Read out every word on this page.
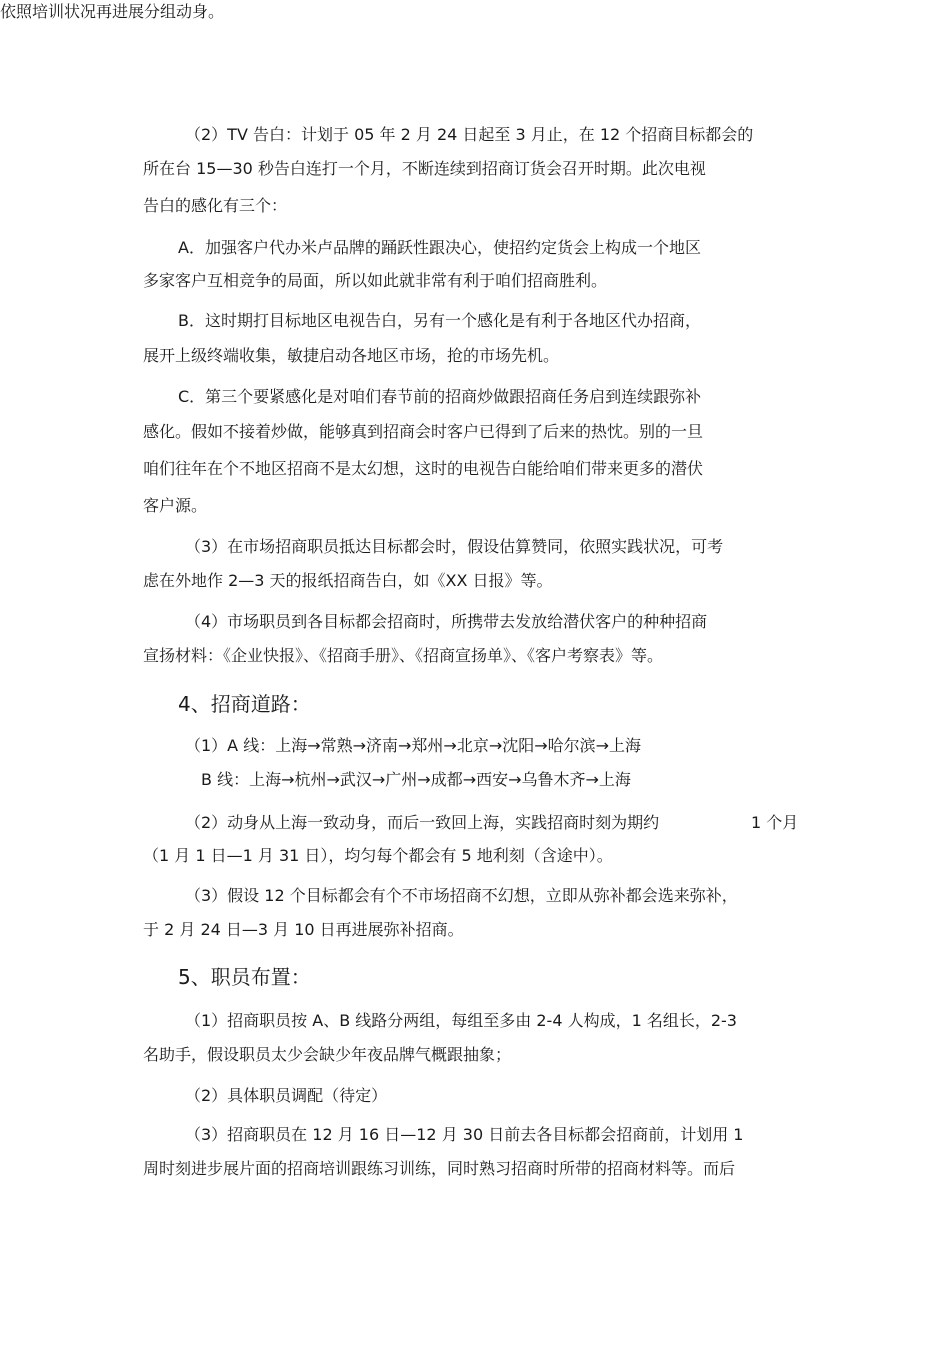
依照培训状况再进展分组动身。

（2）TV 告白：计划于 05 年 2 月 24 日起至 3 月止，在 12 个招商目标都会的

所在台 15—30 秒告白连打一个月，不断连续到招商订货会召开时期。此次电视

告白的感化有三个：

A．加强客户代办米卢品牌的踊跃性跟决心，使招约定货会上构成一个地区

多家客户互相竞争的局面，所以如此就非常有利于咱们招商胜利。

B．这时期打目标地区电视告白，另有一个感化是有利于各地区代办招商，

展开上级终端收集，敏捷启动各地区市场，抢的市场先机。

C．第三个要紧感化是对咱们春节前的招商炒做跟招商任务启到连续跟弥补

感化。假如不接着炒做，能够真到招商会时客户已得到了后来的热忱。别的一旦

咱们往年在个不地区招商不是太幻想，这时的电视告白能给咱们带来更多的潜伏

客户源。

（3）在市场招商职员抵达目标都会时，假设估算赞同，依照实践状况，可考

虑在外地作 2—3 天的报纸招商告白，如《XX 日报》等。

（4）市场职员到各目标都会招商时，所携带去发放给潜伏客户的种种招商

宣扬材料：《企业快报》、《招商手册》、《招商宣扬单》、《客户考察表》等。

4、招商道路：

（1）A 线：上海→常熟→济南→郑州→北京→沈阳→哈尔滨→上海

B 线：上海→杭州→武汉→广州→成都→西安→乌鲁木齐→上海

（2）动身从上海一致动身，而后一致回上海，实践招商时刻为期约	1 个月

（1 月 1 日—1 月 31 日），均匀每个都会有 5 地利刻（含途中）。

（3）假设 12 个目标都会有个不市场招商不幻想，立即从弥补都会选来弥补，

于 2 月 24 日—3 月 10 日再进展弥补招商。

5、职员布置：

（1）招商职员按 A、B 线路分两组，每组至多由 2-4 人构成，1 名组长，2-3

名助手，假设职员太少会缺少年夜品牌气概跟抽象；

（2）具体职员调配（待定）

（3）招商职员在 12 月 16 日—12 月 30 日前去各目标都会招商前，计划用 1

周时刻进步展片面的招商培训跟练习训练，同时熟习招商时所带的招商材料等。而后
